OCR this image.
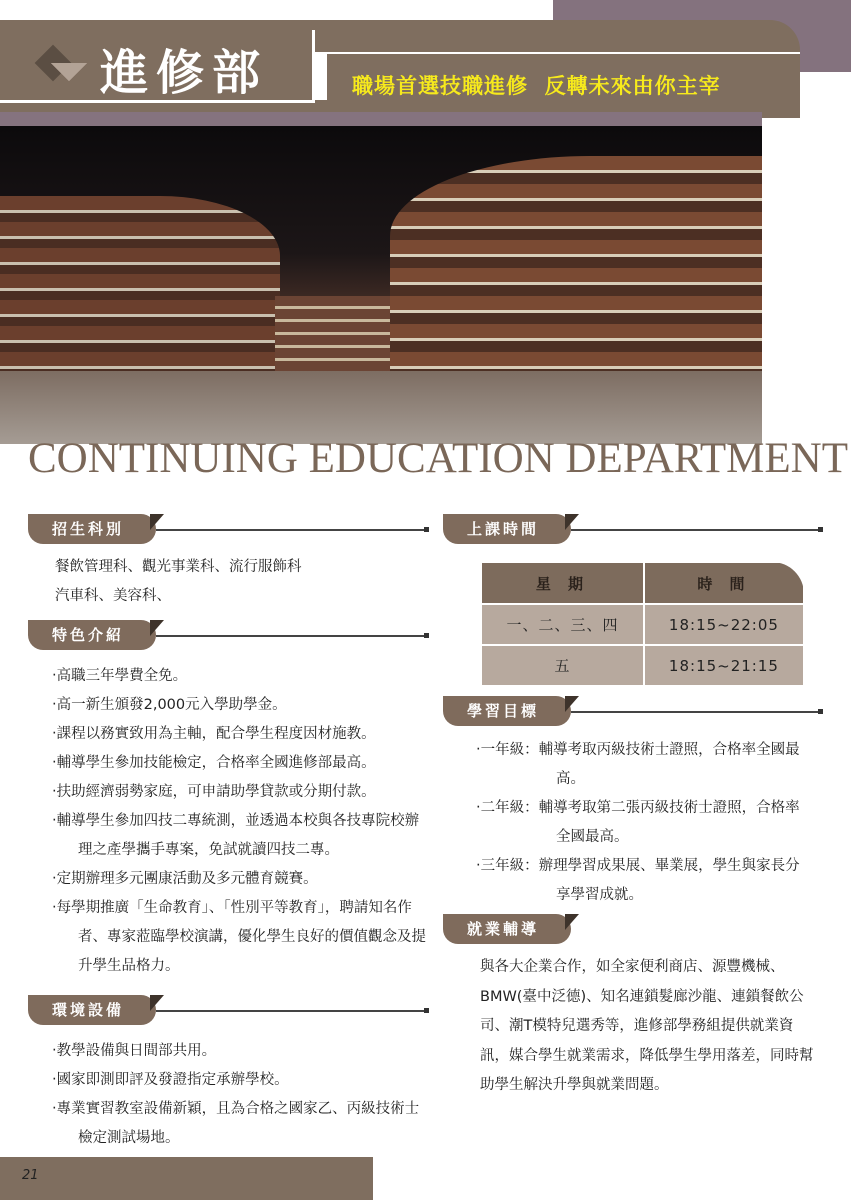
進修部	職場首選技職進修  反轉未來由你主宰
CONTINUING EDUCATION DEPARTMENT
招生科別
餐飲管理科、觀光事業科、流行服飾科
汽車科、美容科、
特色介紹

‧高職三年學費全免。

‧高一新生頒發2,000元入學助學金。

‧課程以務實致用為主軸，配合學生程度因材施教。

‧輔導學生參加技能檢定，合格率全國進修部最高。

‧扶助經濟弱勢家庭，可申請助學貸款或分期付款。

‧輔導學生參加四技二專統測，並透過本校與各技專院校辦理之產學攜手專案，免試就讀四技二專。

‧定期辦理多元團康活動及多元體育競賽。

‧每學期推廣「生命教育」、「性別平等教育」，聘請知名作者、專家蒞臨學校演講，優化學生良好的價值觀念及提升學生品格力。

環境設備

‧教學設備與日間部共用。

‧國家即測即評及發證指定承辦學校。

‧專業實習教室設備新穎，且為合格之國家乙、丙級技術士檢定測試場地。

上課時間
星 期	時 間
一、二、三、四	18:15~22:05
五	18:15~21:15
學習目標

‧一年級：輔導考取丙級技術士證照，合格率全國最高。

‧二年級：輔導考取第二張丙級技術士證照，合格率全國最高。

‧三年級：辦理學習成果展、畢業展，學生與家長分享學習成就。

就業輔導
與各大企業合作，如全家便利商店、源豐機械、BMW(臺中泛德)、知名連鎖髮廊沙龍、連鎖餐飲公司、潮T模特兒選秀等，進修部學務組提供就業資訊，媒合學生就業需求，降低學生學用落差，同時幫助學生解決升學與就業問題。
21
